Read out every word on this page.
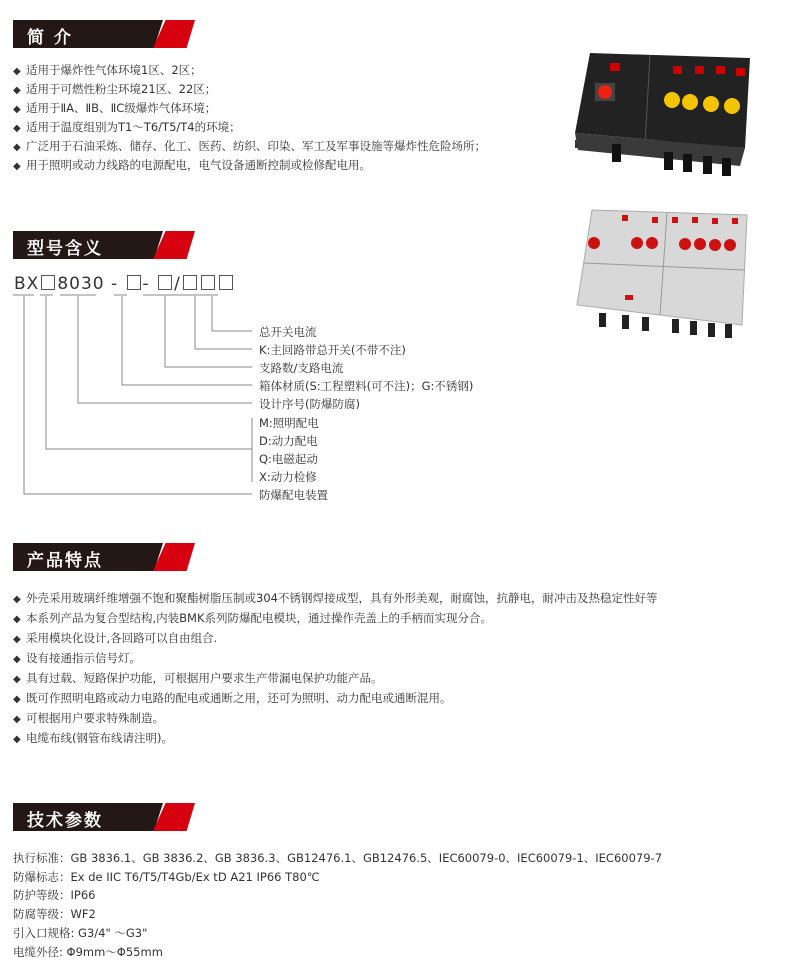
简 介
◆ 适用于爆炸性气体环境1区、2区；
◆ 适用于可燃性粉尘环境21区、22区；
◆ 适用于ⅡA、ⅡB、ⅡC级爆炸气体环境；
◆ 适用于温度组别为T1～T6/T5/T4的环境；
◆ 广泛用于石油采炼、储存、化工、医药、纺织、印染、军工及军事设施等爆炸性危险场所；
◆ 用于照明或动力线路的电源配电，电气设备通断控制或检修配电用。
型号含义
BX 8030 - - /
总开关电流
K:主回路带总开关(不带不注)
支路数/支路电流
箱体材质(S:工程塑料(可不注)；G:不锈钢)
设计序号(防爆防腐)
M:照明配电
D:动力配电
Q:电磁起动
X:动力检修
防爆配电装置
产品特点
◆ 外壳采用玻璃纤维增强不饱和聚酯树脂压制或304不锈钢焊接成型，具有外形美观，耐腐蚀，抗静电，耐冲击及热稳定性好等
◆ 本系列产品为复合型结构,内装BMK系列防爆配电模块，通过操作壳盖上的手柄而实现分合。
◆ 采用模块化设计,各回路可以自由组合.
◆ 设有接通指示信号灯。
◆ 具有过载、短路保护功能，可根据用户要求生产带漏电保护功能产品。
◆ 既可作照明电路或动力电路的配电或通断之用，还可为照明、动力配电或通断混用。
◆ 可根据用户要求特殊制造。
◆ 电缆布线(钢管布线请注明)。
技术参数
执行标准：GB 3836.1、GB 3836.2、GB 3836.3、GB12476.1、GB12476.5、IEC60079-0、IEC60079-1、IEC60079-7
防爆标志：Ex de IIC T6/T5/T4Gb/Ex tD A21 IP66 T80℃
防护等级：IP66
防腐等级：WF2
引入口规格: G3/4" ～G3"
电缆外径: Φ9mm～Φ55mm
